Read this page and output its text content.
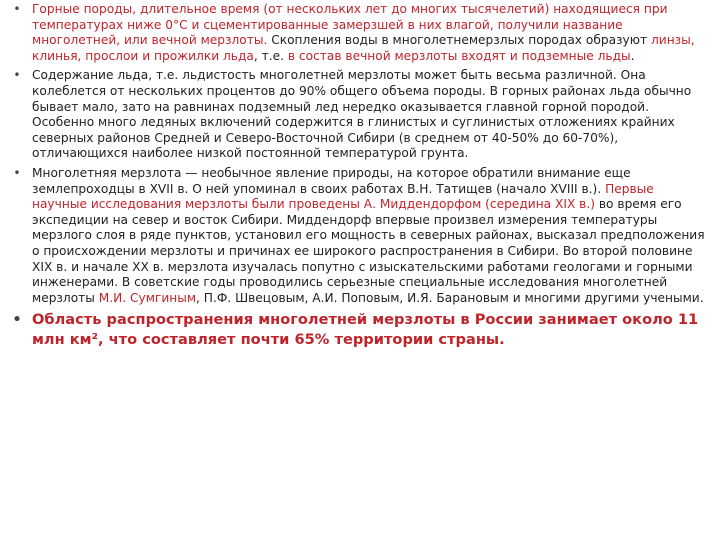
• Горные породы, длительное время (от нескольких лет до многих тысячелетий) находящиеся при температурах ниже 0°С и сцементированные замерзшей в них влагой, получили название многолетней, или вечной мерзлоты. Скопления воды в многолетнемерзлых породах образуют линзы, клинья, прослои и прожилки льда, т.е. в состав вечной мерзлоты входят и подземные льды.
• Содержание льда, т.е. льдистость многолетней мерзлоты может быть весьма различной. Она колеблется от нескольких процентов до 90% общего объема породы. В горных районах льда обычно бывает мало, зато на равнинах подземный лед нередко оказывается главной горной породой. Особенно много ледяных включений содержится в глинистых и суглинистых отложениях крайних северных районов Средней и Северо-Восточной Сибири (в среднем от 40-50% до 60-70%), отличающихся наиболее низкой постоянной температурой грунта.
• Многолетняя мерзлота — необычное явление природы, на которое обратили внимание еще землепроходцы в XVII в. О ней упоминал в своих работах В.Н. Татищев (начало XVIII в.). Первые научные исследования мерзлоты были проведены А. Миддендорфом (середина XIX в.) во время его экспедиции на север и восток Сибири. Миддендорф впервые произвел измерения температуры мерзлого слоя в ряде пунктов, установил его мощность в северных районах, высказал предположения о происхождении мерзлоты и причинах ее широкого распространения в Сибири. Во второй половине XIX в. и начале XX в. мерзлота изучалась попутно с изыскательскими работами геологами и горными инженерами. В советские годы проводились серьезные специальные исследования многолетней мерзлоты М.И. Сумгиным, П.Ф. Швецовым, А.И. Поповым, И.Я. Барановым и многими другими учеными.
• Область распространения многолетней мерзлоты в России занимает около 11 млн км², что составляет почти 65% территории страны.
